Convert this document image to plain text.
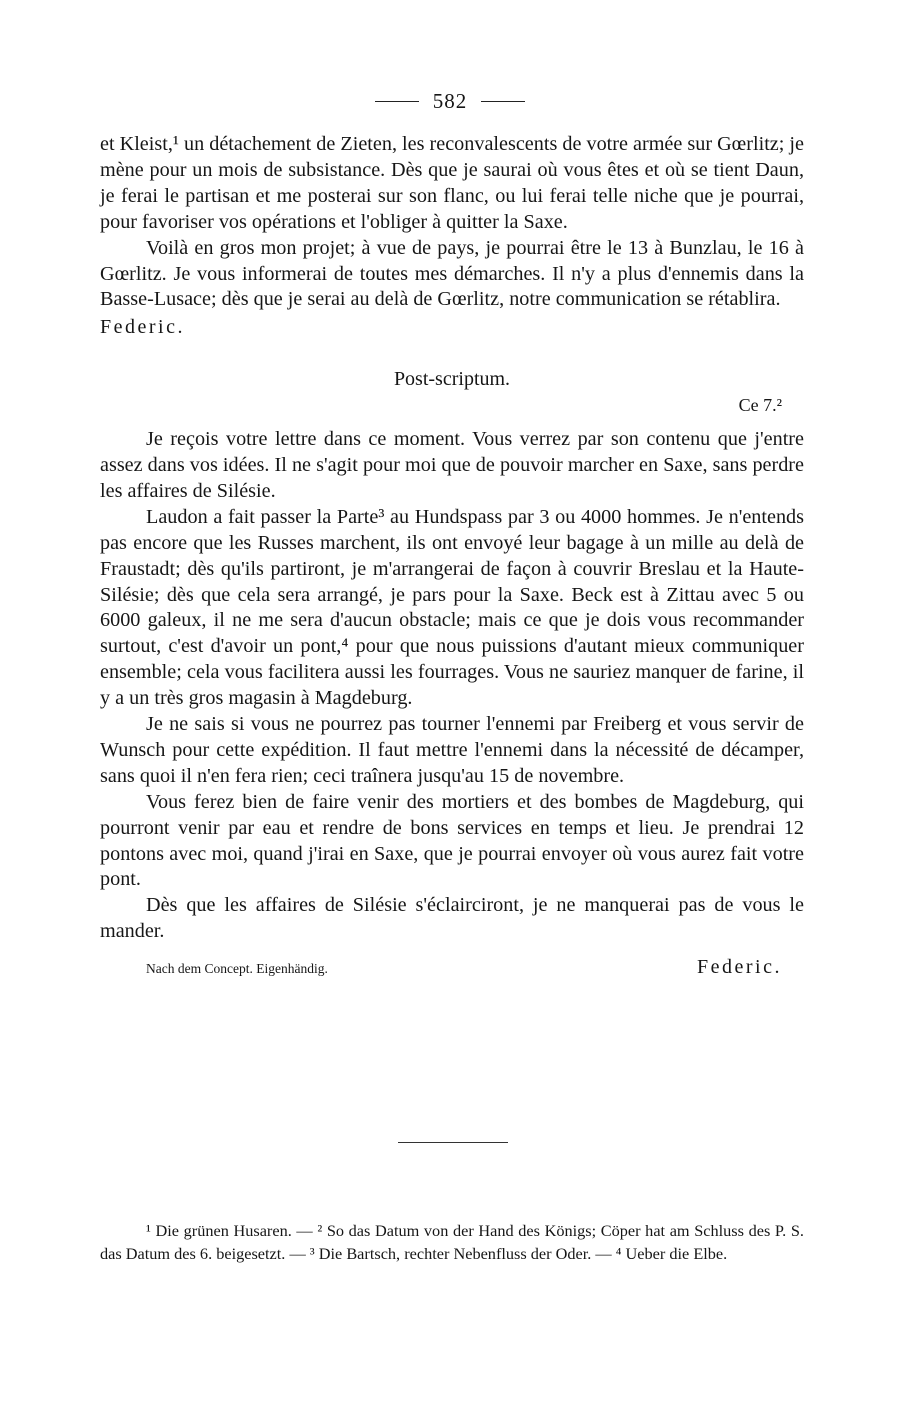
582

et Kleist,¹ un détachement de Zieten, les reconvalescents de votre armée sur Gœrlitz; je mène pour un mois de subsistance. Dès que je saurai où vous êtes et où se tient Daun, je ferai le partisan et me posterai sur son flanc, ou lui ferai telle niche que je pourrai, pour favoriser vos opérations et l'obliger à quitter la Saxe.

Voilà en gros mon projet; à vue de pays, je pourrai être le 13 à Bunzlau, le 16 à Gœrlitz. Je vous informerai de toutes mes démarches. Il n'y a plus d'ennemis dans la Basse-Lusace; dès que je serai au delà de Gœrlitz, notre communication se rétablira.

Federic.

Post-scriptum.

Ce 7.²

Je reçois votre lettre dans ce moment. Vous verrez par son contenu que j'entre assez dans vos idées. Il ne s'agit pour moi que de pouvoir marcher en Saxe, sans perdre les affaires de Silésie.

Laudon a fait passer la Parte³ au Hundspass par 3 ou 4000 hommes. Je n'entends pas encore que les Russes marchent, ils ont envoyé leur bagage à un mille au delà de Fraustadt; dès qu'ils partiront, je m'arrangerai de façon à couvrir Breslau et la Haute-Silésie; dès que cela sera arrangé, je pars pour la Saxe. Beck est à Zittau avec 5 ou 6000 galeux, il ne me sera d'aucun obstacle; mais ce que je dois vous recommander surtout, c'est d'avoir un pont,⁴ pour que nous puissions d'autant mieux communiquer ensemble; cela vous facilitera aussi les fourrages. Vous ne sauriez manquer de farine, il y a un très gros magasin à Magdeburg.

Je ne sais si vous ne pourrez pas tourner l'ennemi par Freiberg et vous servir de Wunsch pour cette expédition. Il faut mettre l'ennemi dans la nécessité de décamper, sans quoi il n'en fera rien; ceci traînera jusqu'au 15 de novembre.

Vous ferez bien de faire venir des mortiers et des bombes de Magdeburg, qui pourront venir par eau et rendre de bons services en temps et lieu. Je prendrai 12 pontons avec moi, quand j'irai en Saxe, que je pourrai envoyer où vous aurez fait votre pont.

Dès que les affaires de Silésie s'éclairciront, je ne manquerai pas de vous le mander.

Nach dem Concept. Eigenhändig.	Federic.

¹ Die grünen Husaren. — ² So das Datum von der Hand des Königs; Cöper hat am Schluss des P. S. das Datum des 6. beigesetzt. — ³ Die Bartsch, rechter Nebenfluss der Oder. — ⁴ Ueber die Elbe.
